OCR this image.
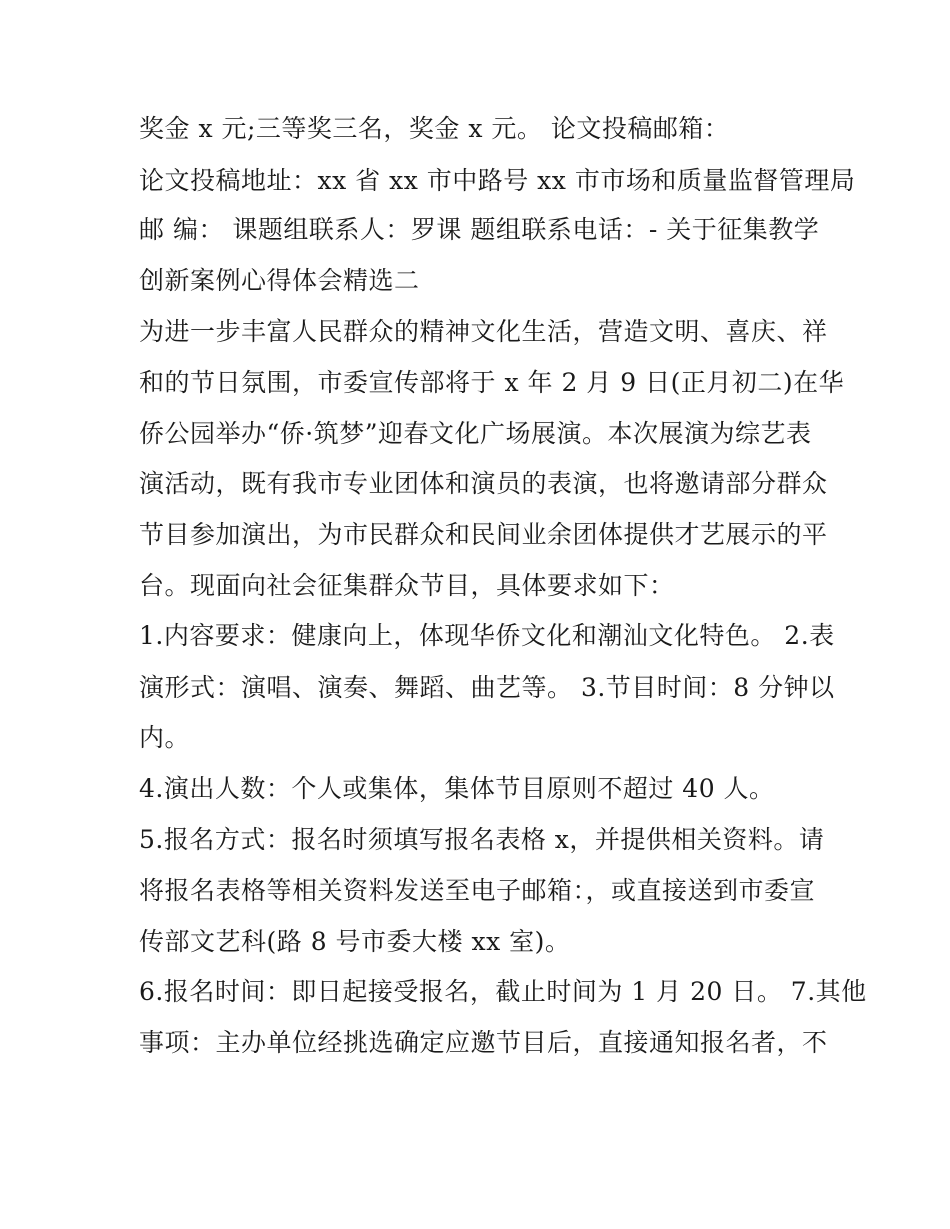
奖金 x 元;三等奖三名，奖金 x 元。 论文投稿邮箱：
论文投稿地址：xx 省 xx 市中路号 xx 市市场和质量监督管理局
邮 编： 课题组联系人：罗课 题组联系电话：- 关于征集教学
创新案例心得体会精选二
为进一步丰富人民群众的精神文化生活，营造文明、喜庆、祥
和的节日氛围，市委宣传部将于 x 年 2 月 9 日(正月初二)在华
侨公园举办“侨·筑梦”迎春文化广场展演。本次展演为综艺表
演活动，既有我市专业团体和演员的表演，也将邀请部分群众
节目参加演出，为市民群众和民间业余团体提供才艺展示的平
台。现面向社会征集群众节目，具体要求如下：
1.内容要求：健康向上，体现华侨文化和潮汕文化特色。 2.表
演形式：演唱、演奏、舞蹈、曲艺等。 3.节目时间：8 分钟以
内。
4.演出人数：个人或集体，集体节目原则不超过 40 人。
5.报名方式：报名时须填写报名表格 x，并提供相关资料。请
将报名表格等相关资料发送至电子邮箱：，或直接送到市委宣
传部文艺科(路 8 号市委大楼 xx 室)。
6.报名时间：即日起接受报名，截止时间为 1 月 20 日。 7.其他
事项：主办单位经挑选确定应邀节目后，直接通知报名者，不
